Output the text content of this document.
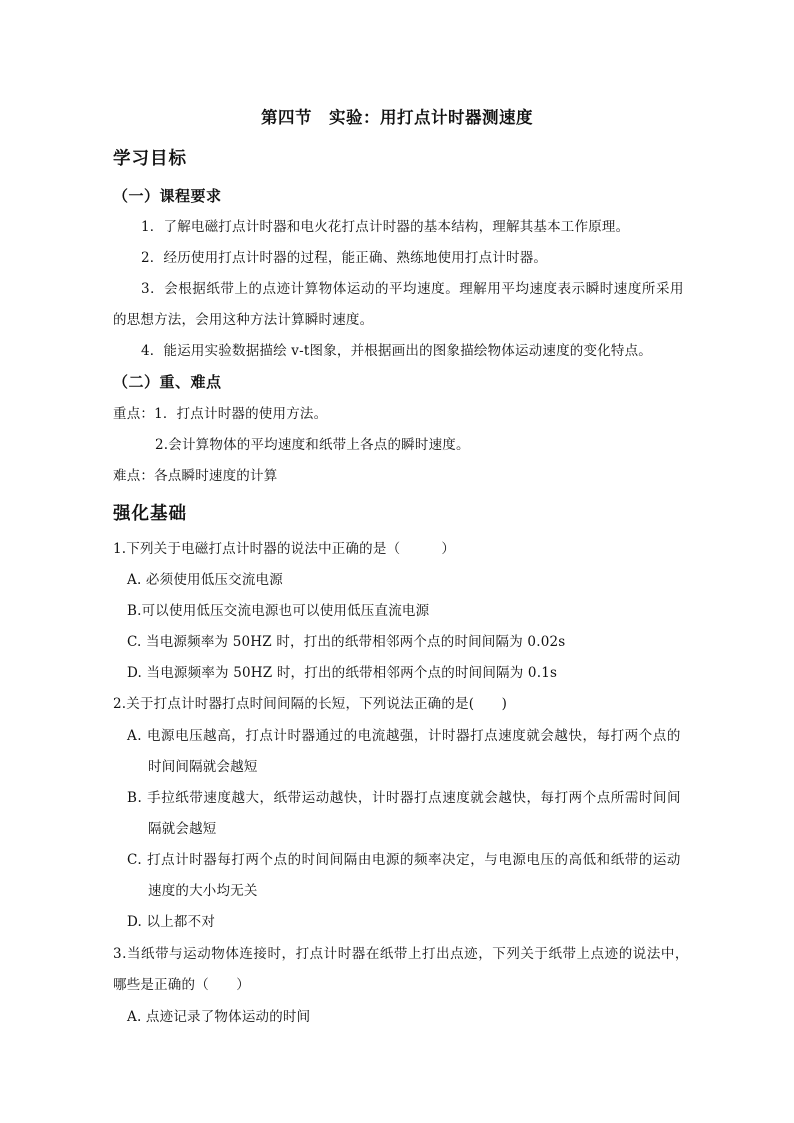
第四节　实验：用打点计时器测速度
学习目标
（一）课程要求
1．了解电磁打点计时器和电火花打点计时器的基本结构，理解其基本工作原理。
2．经历使用打点计时器的过程，能正确、熟练地使用打点计时器。
3．会根据纸带上的点迹计算物体运动的平均速度。理解用平均速度表示瞬时速度所采用
的思想方法，会用这种方法计算瞬时速度。
4．能运用实验数据描绘 v-t图象，并根据画出的图象描绘物体运动速度的变化特点。
（二）重、难点
重点：1．打点计时器的使用方法。
2.会计算物体的平均速度和纸带上各点的瞬时速度。
难点：各点瞬时速度的计算
强化基础
1.下列关于电磁打点计时器的说法中正确的是（　　　）
A. 必须使用低压交流电源
B.可以使用低压交流电源也可以使用低压直流电源
C. 当电源频率为 50HZ 时，打出的纸带相邻两个点的时间间隔为 0.02s
D. 当电源频率为 50HZ 时，打出的纸带相邻两个点的时间间隔为 0.1s
2.关于打点计时器打点时间间隔的长短，下列说法正确的是(　　)
A. 电源电压越高，打点计时器通过的电流越强，计时器打点速度就会越快，每打两个点的
时间间隔就会越短
B. 手拉纸带速度越大，纸带运动越快，计时器打点速度就会越快，每打两个点所需时间间
隔就会越短
C. 打点计时器每打两个点的时间间隔由电源的频率决定，与电源电压的高低和纸带的运动
速度的大小均无关
D. 以上都不对
3.当纸带与运动物体连接时，打点计时器在纸带上打出点迹，下列关于纸带上点迹的说法中，
哪些是正确的（　　）
A. 点迹记录了物体运动的时间
